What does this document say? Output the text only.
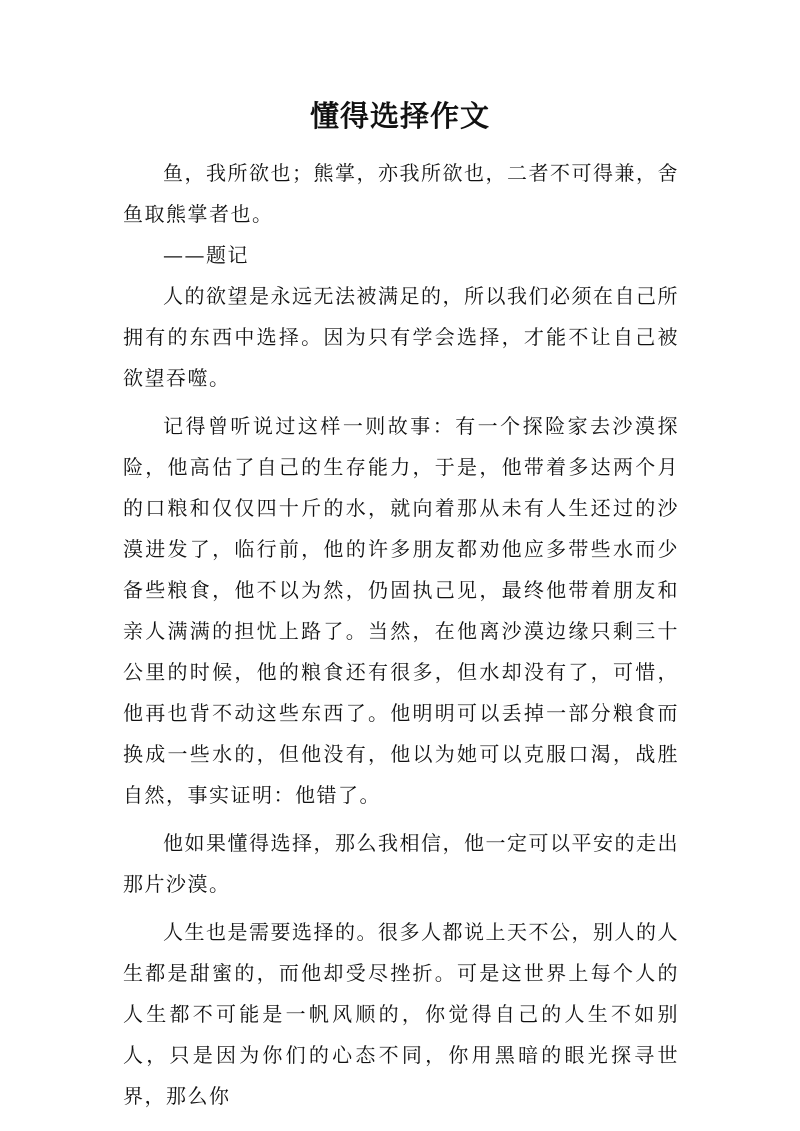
懂得选择作文

鱼，我所欲也；熊掌，亦我所欲也，二者不可得兼，舍鱼取熊掌者也。

——题记

人的欲望是永远无法被满足的，所以我们必须在自己所拥有的东西中选择。因为只有学会选择，才能不让自己被欲望吞噬。

记得曾听说过这样一则故事：有一个探险家去沙漠探险，他高估了自己的生存能力，于是，他带着多达两个月的口粮和仅仅四十斤的水，就向着那从未有人生还过的沙漠进发了，临行前，他的许多朋友都劝他应多带些水而少备些粮食，他不以为然，仍固执己见，最终他带着朋友和亲人满满的担忧上路了。当然，在他离沙漠边缘只剩三十公里的时候，他的粮食还有很多，但水却没有了，可惜，他再也背不动这些东西了。他明明可以丢掉一部分粮食而换成一些水的，但他没有，他以为她可以克服口渴，战胜自然，事实证明：他错了。

他如果懂得选择，那么我相信，他一定可以平安的走出那片沙漠。

人生也是需要选择的。很多人都说上天不公，别人的人生都是甜蜜的，而他却受尽挫折。可是这世界上每个人的人生都不可能是一帆风顺的，你觉得自己的人生不如别人，只是因为你们的心态不同，你用黑暗的眼光探寻世界，那么你
